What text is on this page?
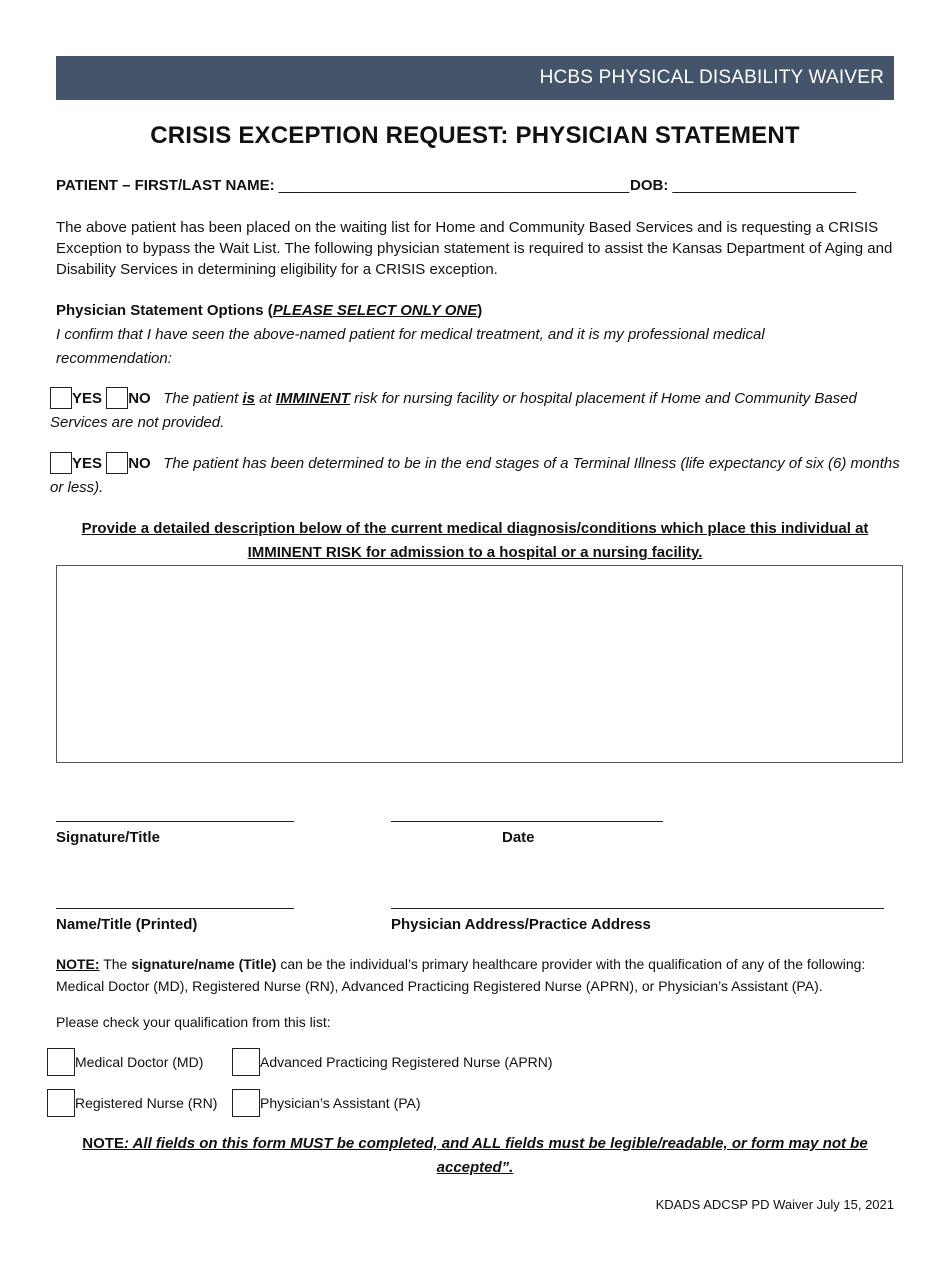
HCBS PHYSICAL DISABILITY WAIVER
CRISIS EXCEPTION REQUEST: PHYSICIAN STATEMENT
PATIENT – FIRST/LAST NAME: __________________________________________ DOB: ______________________
The above patient has been placed on the waiting list for Home and Community Based Services and is requesting a CRISIS Exception to bypass the Wait List. The following physician statement is required to assist the Kansas Department of Aging and Disability Services in determining eligibility for a CRISIS exception.
Physician Statement Options (PLEASE SELECT ONLY ONE)
I confirm that I have seen the above-named patient for medical treatment, and it is my professional medical recommendation:
YES NO The patient is at IMMINENT risk for nursing facility or hospital placement if Home and Community Based Services are not provided.
YES NO The patient has been determined to be in the end stages of a Terminal Illness (life expectancy of six (6) months or less).
Provide a detailed description below of the current medical diagnosis/conditions which place this individual at IMMINENT RISK for admission to a hospital or a nursing facility.
Signature/Title	Date
Name/Title (Printed)	Physician Address/Practice Address
NOTE: The signature/name (Title) can be the individual’s primary healthcare provider with the qualification of any of the following: Medical Doctor (MD), Registered Nurse (RN), Advanced Practicing Registered Nurse (APRN), or Physician’s Assistant (PA).
Please check your qualification from this list:
Medical Doctor (MD)	Advanced Practicing Registered Nurse (APRN)
Registered Nurse (RN)	Physician’s Assistant (PA)
NOTE: All fields on this form MUST be completed, and ALL fields must be legible/readable, or form may not be accepted”.
KDADS ADCSP PD Waiver July 15, 2021
